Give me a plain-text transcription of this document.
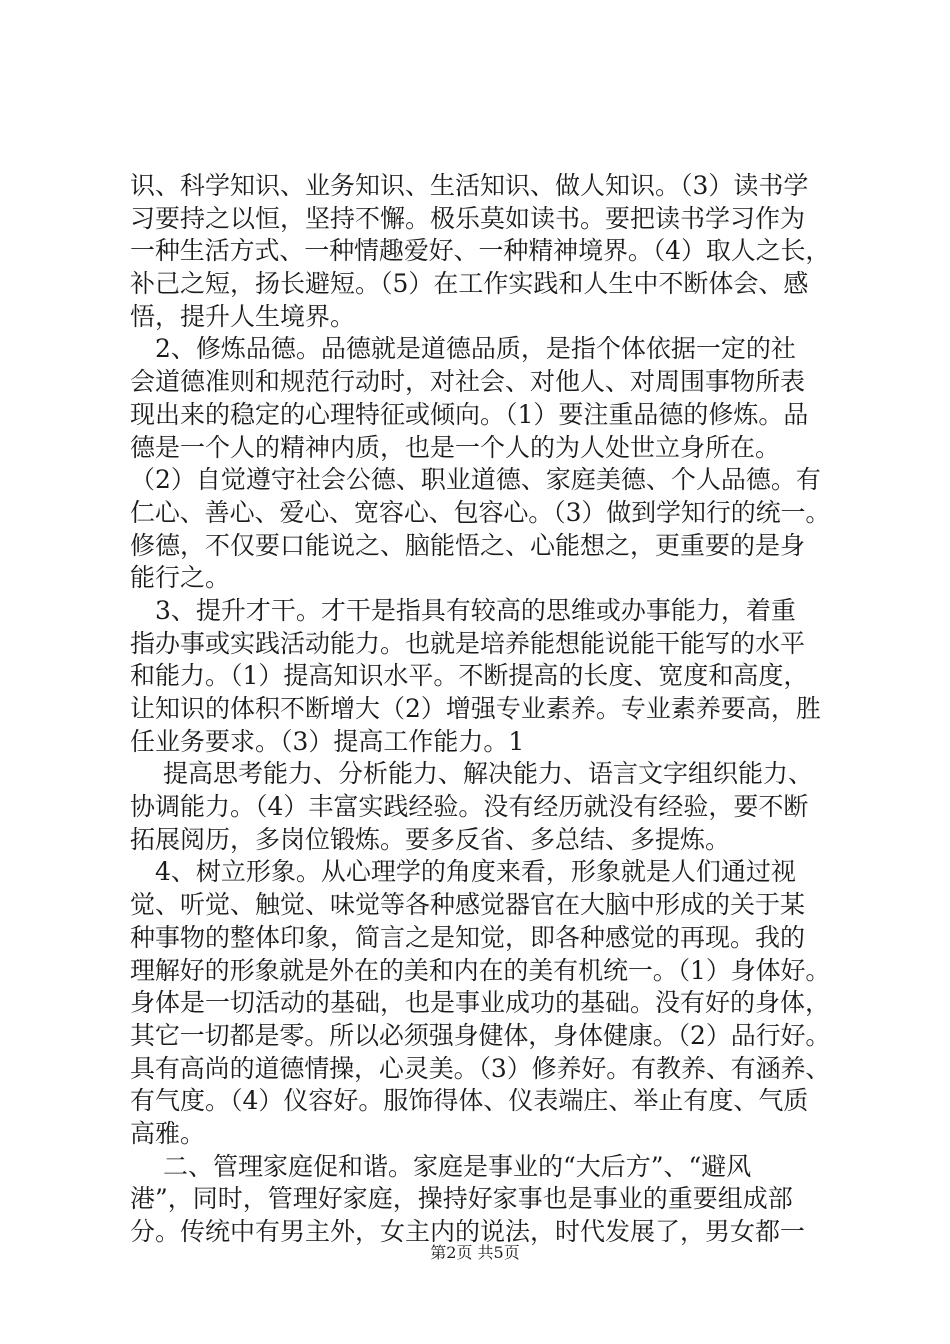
识、科学知识、业务知识、生活知识、做人知识。（3）读书学
习要持之以恒，坚持不懈。极乐莫如读书。要把读书学习作为
一种生活方式、一种情趣爱好、一种精神境界。（4）取人之长，
补己之短，扬长避短。（5）在工作实践和人生中不断体会、感
悟，提升人生境界。
　2、修炼品德。品德就是道德品质，是指个体依据一定的社
会道德准则和规范行动时，对社会、对他人、对周围事物所表
现出来的稳定的心理特征或倾向。（1）要注重品德的修炼。品
德是一个人的精神内质，也是一个人的为人处世立身所在。
（2）自觉遵守社会公德、职业道德、家庭美德、个人品德。有
仁心、善心、爱心、宽容心、包容心。（3）做到学知行的统一。
修德，不仅要口能说之、脑能悟之、心能想之，更重要的是身
能行之。
　3、提升才干。才干是指具有较高的思维或办事能力，着重
指办事或实践活动能力。也就是培养能想能说能干能写的水平
和能力。（1）提高知识水平。不断提高的长度、宽度和高度，
让知识的体积不断增大（2）增强专业素养。专业素养要高，胜
任业务要求。（3）提高工作能力。1
　 提高思考能力、分析能力、解决能力、语言文字组织能力、
协调能力。（4）丰富实践经验。没有经历就没有经验，要不断
拓展阅历，多岗位锻炼。要多反省、多总结、多提炼。
　4、树立形象。从心理学的角度来看，形象就是人们通过视
觉、听觉、触觉、味觉等各种感觉器官在大脑中形成的关于某
种事物的整体印象，简言之是知觉，即各种感觉的再现。我的
理解好的形象就是外在的美和内在的美有机统一。（1）身体好。
身体是一切活动的基础，也是事业成功的基础。没有好的身体，
其它一切都是零。所以必须强身健体，身体健康。（2）品行好。
具有高尚的道德情操，心灵美。（3）修养好。有教养、有涵养、
有气度。（4）仪容好。服饰得体、仪表端庄、举止有度、气质
高雅。
　 二、管理家庭促和谐。家庭是事业的“大后方”、“避风
港”，同时，管理好家庭，操持好家事也是事业的重要组成部
分。传统中有男主外，女主内的说法，时代发展了，男女都一
第2页 共5页
